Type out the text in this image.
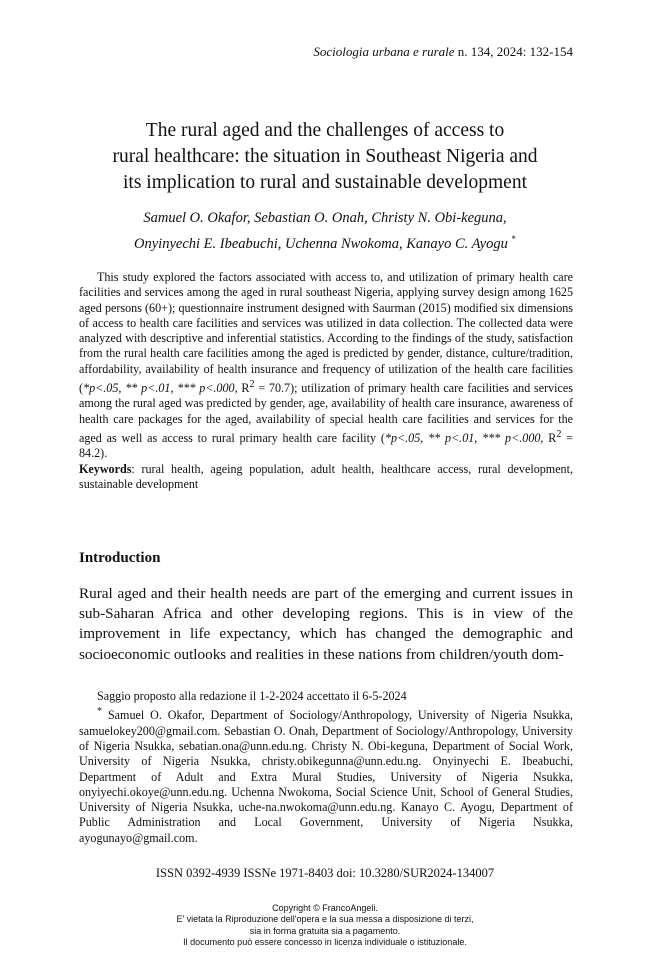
Sociologia urbana e rurale n. 134, 2024: 132-154
The rural aged and the challenges of access to
rural healthcare: the situation in Southeast Nigeria and
its implication to rural and sustainable development
Samuel O. Okafor, Sebastian O. Onah, Christy N. Obi-keguna,
Onyinyechi E. Ibeabuchi, Uchenna Nwokoma, Kanayo C. Ayogu *

This study explored the factors associated with access to, and utilization of primary health care facilities and services among the aged in rural southeast Nigeria, applying survey design among 1625 aged persons (60+); questionnaire instrument designed with Saurman (2015) modified six dimensions of access to health care facilities and services was utilized in data collection. The collected data were analyzed with descriptive and inferential statistics. According to the findings of the study, satisfaction from the rural health care facilities among the aged is predicted by gender, distance, culture/tradition, affordability, availability of health insurance and frequency of utilization of the health care facilities (*p<.05, ** p<.01, *** p<.000, $R^2 = 70.7$); utilization of primary health care facilities and services among the rural aged was predicted by gender, age, availability of health care insurance, awareness of health care packages for the aged, availability of special health care facilities and services for the aged as well as access to rural primary health care facility (*p<.05, ** p<.01, *** p<.000, $R^2 = 84.2$).

Keywords: rural health, ageing population, adult health, healthcare access, rural development, sustainable development

Introduction

Rural aged and their health needs are part of the emerging and current issues in sub-Saharan Africa and other developing regions. This is in view of the improvement in life expectancy, which has changed the demographic and socioeconomic outlooks and realities in these nations from children/youth dom-

Saggio proposto alla redazione il 1-2-2024 accettato il 6-5-2024

* Samuel O. Okafor, Department of Sociology/Anthropology, University of Nigeria Nsukka, samuelokey200@gmail.com. Sebastian O. Onah, Department of Sociology/Anthropology, University of Nigeria Nsukka, sebatian.ona@unn.edu.ng. Christy N. Obi-keguna, Department of Social Work, University of Nigeria Nsukka, christy.obikegunna@unn.edu.ng. Onyinyechi E. Ibeabuchi, Department of Adult and Extra Mural Studies, University of Nigeria Nsukka, onyiyechi.okoye@unn.edu.ng. Uchenna Nwokoma, Social Science Unit, School of General Studies, University of Nigeria Nsukka, uche-na.nwokoma@unn.edu.ng. Kanayo C. Ayogu, Department of Public Administration and Local Government, University of Nigeria Nsukka, ayogunayo@gmail.com.

ISSN 0392-4939 ISSNe 1971-8403 doi: 10.3280/SUR2024-134007
Copyright © FrancoAngeli.
E' vietata la Riproduzione dell'opera e la sua messa a disposizione di terzi,
sia in forma gratuita sia a pagamento.
Il documento può essere concesso in licenza individuale o istituzionale.
